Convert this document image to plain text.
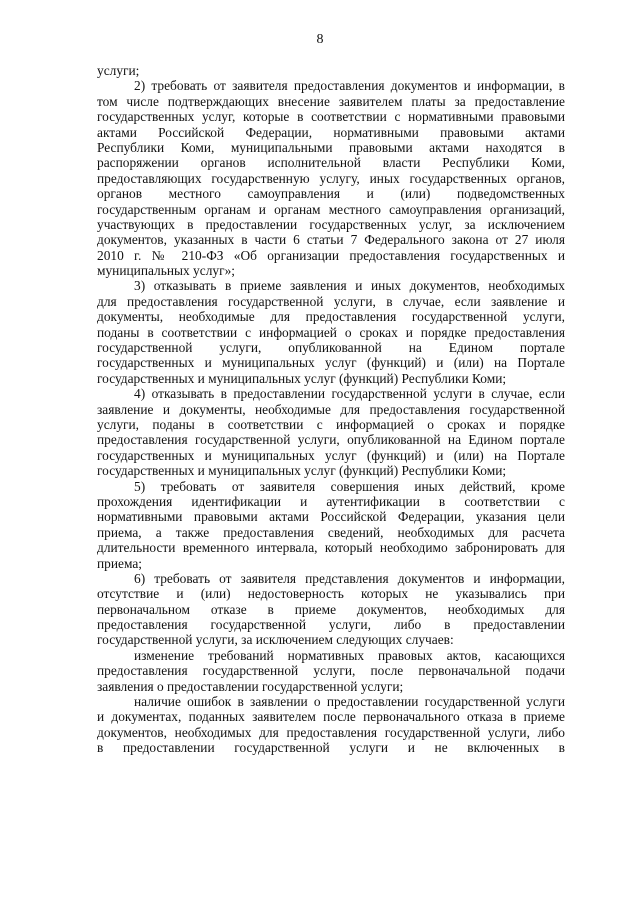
8
услуги;
2) требовать от заявителя предоставления документов и информации, в
том числе подтверждающих внесение заявителем платы за предоставление
государственных услуг, которые в соответствии с нормативными правовыми
актами Российской Федерации, нормативными правовыми актами
Республики Коми, муниципальными правовыми актами находятся в
распоряжении органов исполнительной власти Республики Коми,
предоставляющих государственную услугу, иных государственных органов,
органов местного самоуправления и (или) подведомственных
государственным органам и органам местного самоуправления организаций,
участвующих в предоставлении государственных услуг, за исключением
документов, указанных в части 6 статьи 7 Федерального закона от 27 июля
2010 г. № 210-ФЗ «Об организации предоставления государственных и
муниципальных услуг»;
3) отказывать в приеме заявления и иных документов, необходимых
для предоставления государственной услуги, в случае, если заявление и
документы, необходимые для предоставления государственной услуги,
поданы в соответствии с информацией о сроках и порядке предоставления
государственной услуги, опубликованной на Едином портале
государственных и муниципальных услуг (функций) и (или) на Портале
государственных и муниципальных услуг (функций) Республики Коми;
4) отказывать в предоставлении государственной услуги в случае, если
заявление и документы, необходимые для предоставления государственной
услуги, поданы в соответствии с информацией о сроках и порядке
предоставления государственной услуги, опубликованной на Едином портале
государственных и муниципальных услуг (функций) и (или) на Портале
государственных и муниципальных услуг (функций) Республики Коми;
5) требовать от заявителя совершения иных действий, кроме
прохождения идентификации и аутентификации в соответствии с
нормативными правовыми актами Российской Федерации, указания цели
приема, а также предоставления сведений, необходимых для расчета
длительности временного интервала, который необходимо забронировать для
приема;
6) требовать от заявителя представления документов и информации,
отсутствие и (или) недостоверность которых не указывались при
первоначальном отказе в приеме документов, необходимых для
предоставления государственной услуги, либо в предоставлении
государственной услуги, за исключением следующих случаев:
изменение требований нормативных правовых актов, касающихся
предоставления государственной услуги, после первоначальной подачи
заявления о предоставлении государственной услуги;
наличие ошибок в заявлении о предоставлении государственной услуги
и документах, поданных заявителем после первоначального отказа в приеме
документов, необходимых для предоставления государственной услуги, либо
в предоставлении государственной услуги и не включенных в
